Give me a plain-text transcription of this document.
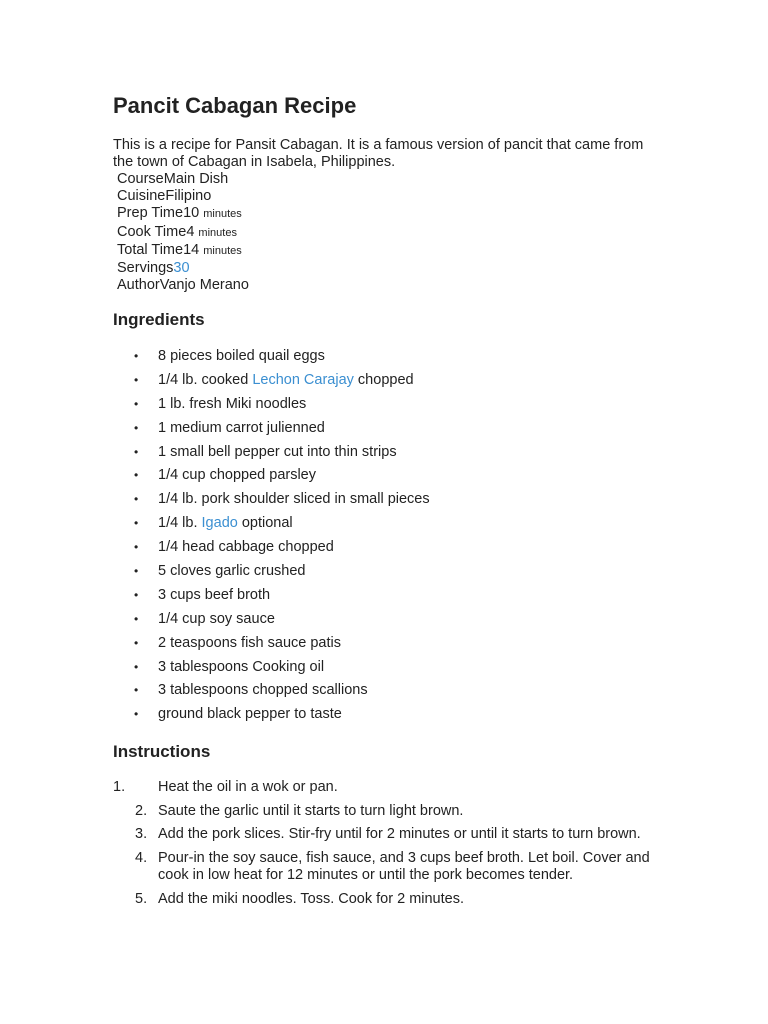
Pancit Cabagan Recipe

This is a recipe for Pansit Cabagan. It is a famous version of pancit that came from the town of Cabagan in Isabela, Philippines.

CourseMain Dish
CuisineFilipino
Prep Time10 minutes
Cook Time4 minutes
Total Time14 minutes
Servings30
AuthorVanjo Merano
Ingredients
• 8 pieces boiled quail eggs
• 1/4 lb. cooked Lechon Carajay chopped
• 1 lb. fresh Miki noodles
• 1 medium carrot julienned
• 1 small bell pepper cut into thin strips
• 1/4 cup chopped parsley
• 1/4 lb. pork shoulder sliced in small pieces
• 1/4 lb. Igado optional
• 1/4 head cabbage chopped
• 5 cloves garlic crushed
• 3 cups beef broth
• 1/4 cup soy sauce
• 2 teaspoons fish sauce patis
• 3 tablespoons Cooking oil
• 3 tablespoons chopped scallions
• ground black pepper to taste
Instructions
1. Heat the oil in a wok or pan.
2. Saute the garlic until it starts to turn light brown.
3. Add the pork slices. Stir-fry until for 2 minutes or until it starts to turn brown.
4. Pour-in the soy sauce, fish sauce, and 3 cups beef broth. Let boil. Cover and cook in low heat for 12 minutes or until the pork becomes tender.
5. Add the miki noodles. Toss. Cook for 2 minutes.
